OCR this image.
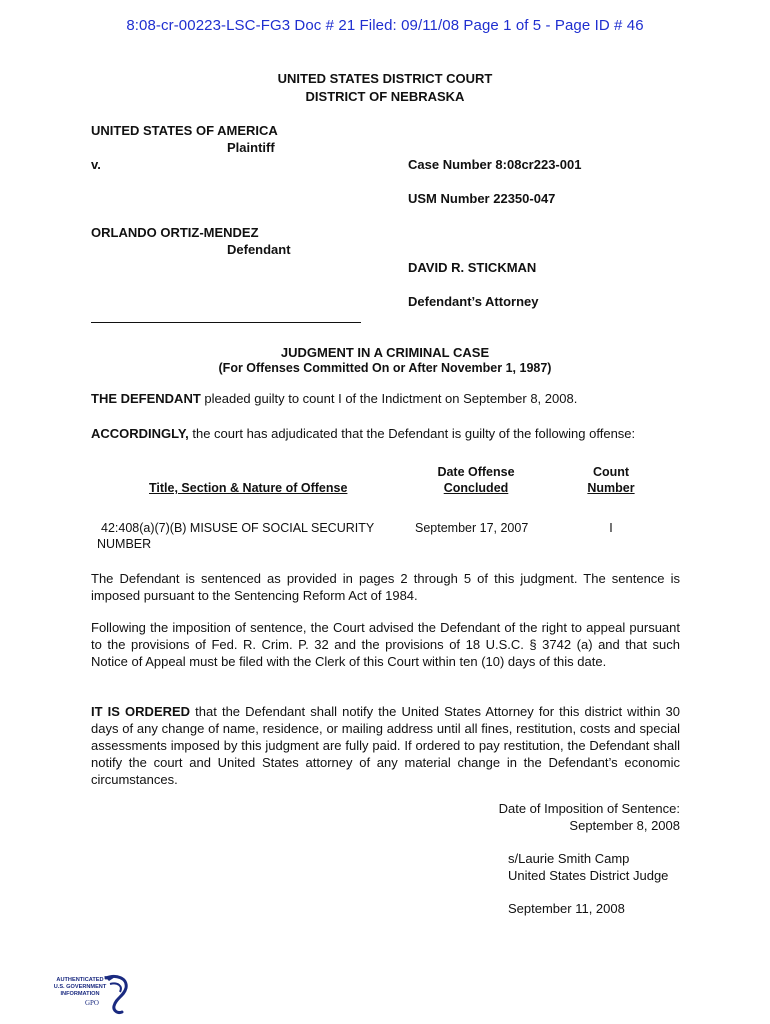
8:08-cr-00223-LSC-FG3 Doc # 21 Filed: 09/11/08 Page 1 of 5 - Page ID # 46
UNITED STATES DISTRICT COURT
DISTRICT OF NEBRASKA
UNITED STATES OF AMERICA
Plaintiff
v.	Case Number 8:08cr223-001
USM Number 22350-047
ORLANDO ORTIZ-MENDEZ
Defendant
DAVID R. STICKMAN
Defendant’s Attorney
JUDGMENT IN A CRIMINAL CASE
(For Offenses Committed On or After November 1, 1987)
THE DEFENDANT pleaded guilty to count I of the Indictment on September 8, 2008.
ACCORDINGLY, the court has adjudicated that the Defendant is guilty of the following offense:
Title, Section & Nature of Offense
Date Offense
Concluded
Count
Number
42:408(a)(7)(B) MISUSE OF SOCIAL SECURITY
NUMBER
September 17, 2007	I
The Defendant is sentenced as provided in pages 2 through 5 of this judgment. The sentence is imposed pursuant to the Sentencing Reform Act of 1984.
Following the imposition of sentence, the Court advised the Defendant of the right to appeal pursuant to the provisions of Fed. R. Crim. P. 32 and the provisions of 18 U.S.C. § 3742 (a) and that such Notice of Appeal must be filed with the Clerk of this Court within ten (10) days of this date.
IT IS ORDERED that the Defendant shall notify the United States Attorney for this district within 30 days of any change of name, residence, or mailing address until all fines, restitution, costs and special assessments imposed by this judgment are fully paid. If ordered to pay restitution, the Defendant shall notify the court and United States attorney of any material change in the Defendant’s economic circumstances.
Date of Imposition of Sentence:
September 8, 2008
s/Laurie Smith Camp
United States District Judge
September 11, 2008
AUTHENTICATED
U.S. GOVERNMENT
INFORMATION
GPO
